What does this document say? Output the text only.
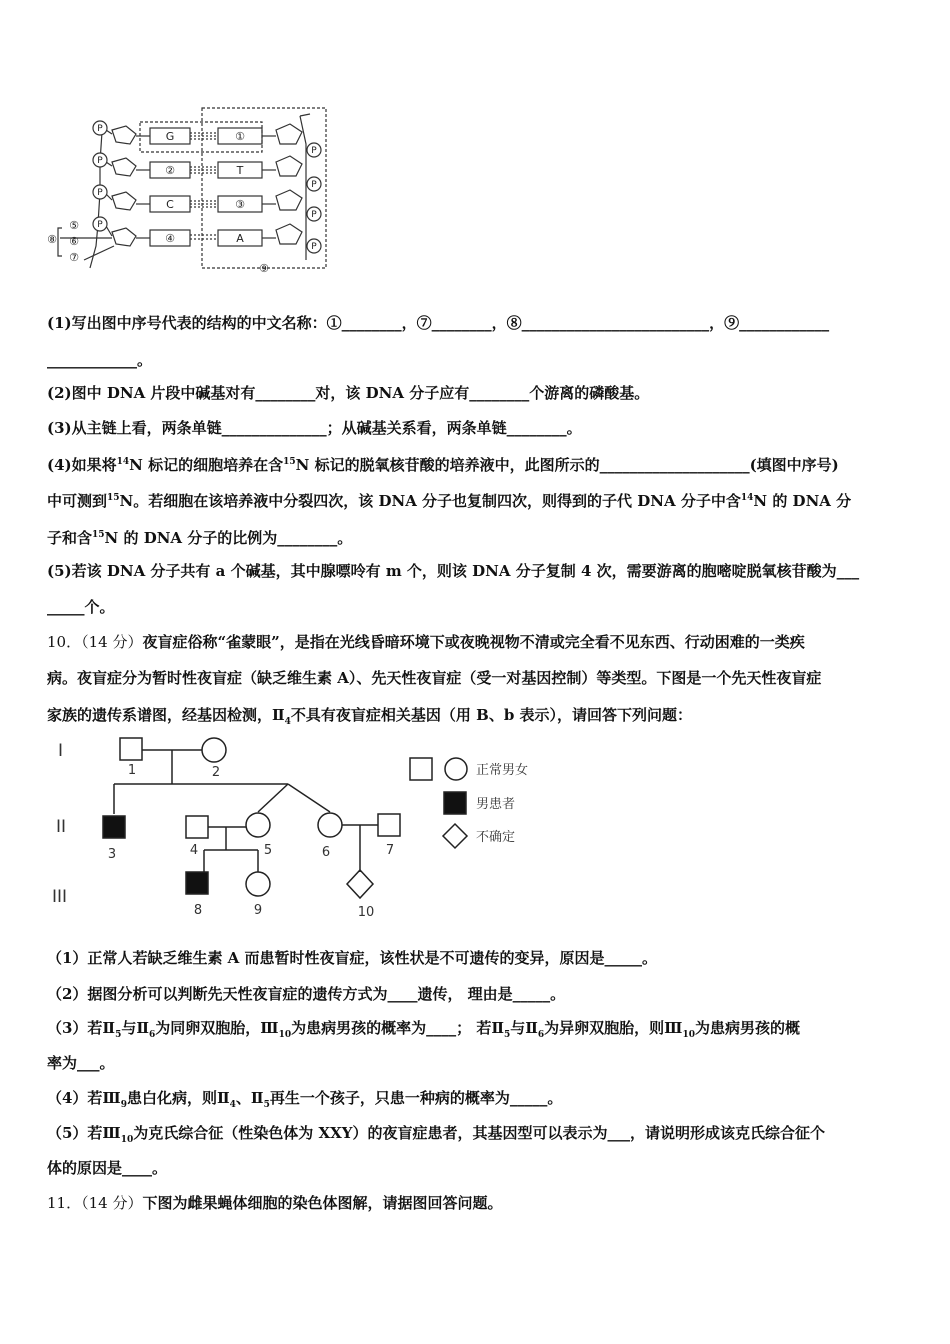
P
P
P
P
P
P
P
P
G
②
C
④
①
T
③
A
⑤
⑥
⑦
⑧
⑨
(1)写出图中序号代表的结构的中文名称：①________，⑦________，⑧_________________________，⑨____________
____________。
(2)图中 DNA 片段中碱基对有________对，该 DNA 分子应有________个游离的磷酸基。
(3)从主链上看，两条单链______________；从碱基关系看，两条单链________。
(4)如果将$^{14}$N 标记的细胞培养在含$^{15}$N 标记的脱氧核苷酸的培养液中，此图所示的____________________(填图中序号)
中可测到$^{15}$N。若细胞在该培养液中分裂四次，该 DNA 分子也复制四次，则得到的子代 DNA 分子中含$^{14}$N 的 DNA 分
子和含$^{15}$N 的 DNA 分子的比例为________。
(5)若该 DNA 分子共有 a 个碱基，其中腺嘌呤有 m 个，则该 DNA 分子复制 4 次，需要游离的胞嘧啶脱氧核苷酸为___
_____个。
10．（14 分）夜盲症俗称“雀蒙眼”，是指在光线昏暗环境下或夜晚视物不清或完全看不见东西、行动困难的一类疾
病。夜盲症分为暂时性夜盲症（缺乏维生素 A）、先天性夜盲症（受一对基因控制）等类型。下图是一个先天性夜盲症
家族的遗传系谱图，经基因检测，$Ⅱ_4$不具有夜盲症相关基因（用 B、b 表示），请回答下列问题：
I
II
III
1	2
3	4	5	6	7
8	9	10
正常男女
男患者
不确定
（1）正常人若缺乏维生素 A 而患暂时性夜盲症，该性状是不可遗传的变异，原因是_____。
（2）据图分析可以判断先天性夜盲症的遗传方式为____遗传， 理由是_____。
（3）若$Ⅱ_5$与$Ⅱ_6$为同卵双胞胎，$Ⅲ_{10}$为患病男孩的概率为____； 若$Ⅱ_5$与$Ⅱ_6$为异卵双胞胎，则$Ⅲ_{10}$为患病男孩的概
率为___。
（4）若$Ⅲ_9$患白化病，则$Ⅱ_4$、$Ⅱ_5$再生一个孩子，只患一种病的概率为_____。
（5）若$Ⅲ_{10}$为克氏综合征（性染色体为 XXY）的夜盲症患者，其基因型可以表示为___，请说明形成该克氏综合征个
体的原因是____。
11．（14 分）下图为雌果蝇体细胞的染色体图解，请据图回答问题。
